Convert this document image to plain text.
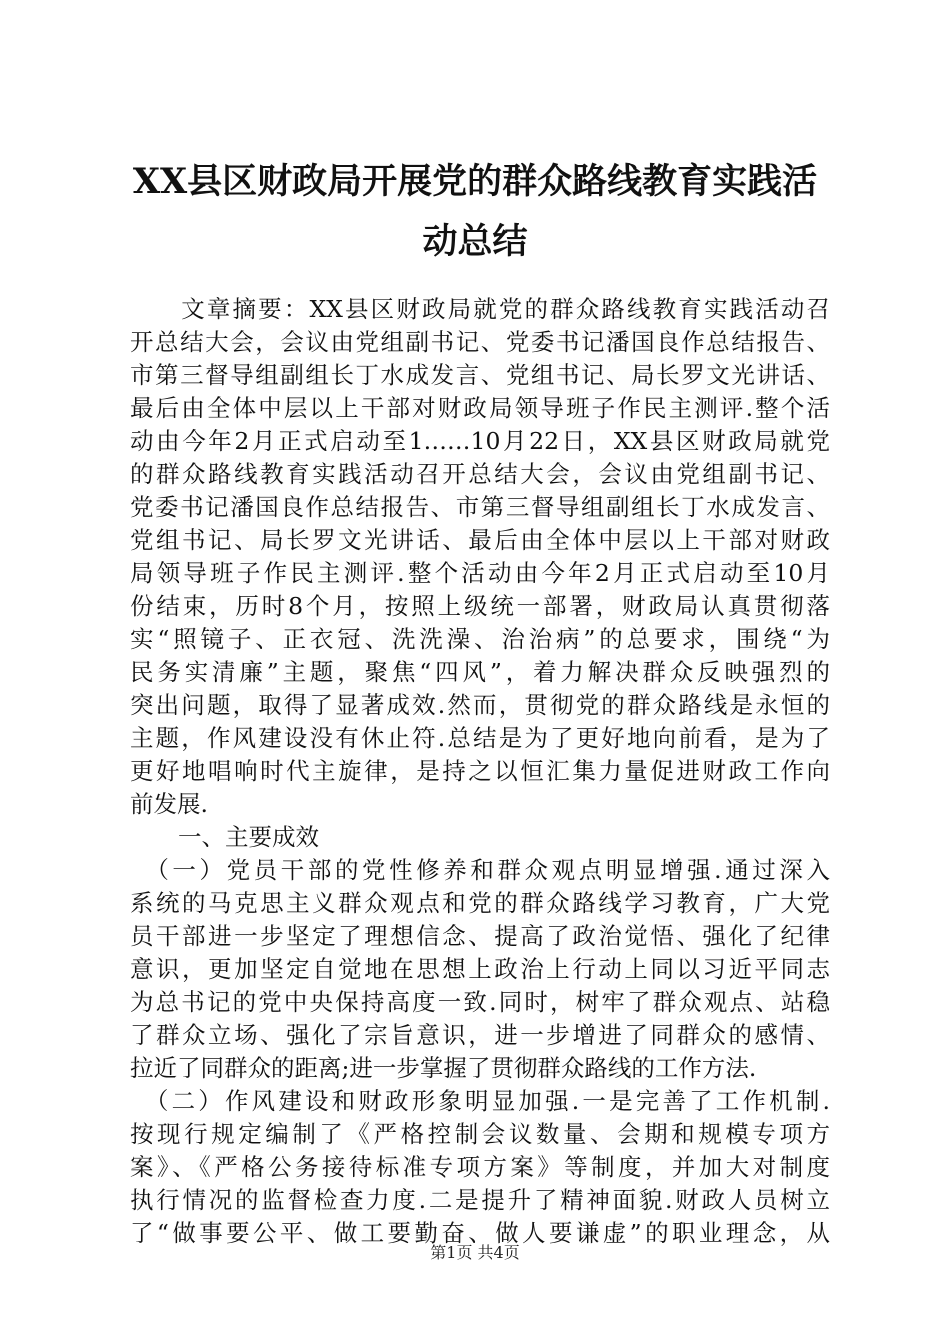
XX县区财政局开展党的群众路线教育实践活
动总结

　　文章摘要：XX县区财政局就党的群众路线教育实践活动召

开总结大会，会议由党组副书记、党委书记潘国良作总结报告、

市第三督导组副组长丁水成发言、党组书记、局长罗文光讲话、

最后由全体中层以上干部对财政局领导班子作民主测评.整个活

动由今年2月正式启动至1……10月22日，XX县区财政局就党

的群众路线教育实践活动召开总结大会，会议由党组副书记、

党委书记潘国良作总结报告、市第三督导组副组长丁水成发言、

党组书记、局长罗文光讲话、最后由全体中层以上干部对财政

局领导班子作民主测评.整个活动由今年2月正式启动至10月

份结束，历时8个月，按照上级统一部署，财政局认真贯彻落

实“照镜子、正衣冠、洗洗澡、治治病”的总要求，围绕“为

民务实清廉”主题，聚焦“四风”，着力解决群众反映强烈的

突出问题，取得了显著成效.然而，贯彻党的群众路线是永恒的

主题，作风建设没有休止符.总结是为了更好地向前看，是为了

更好地唱响时代主旋律，是持之以恒汇集力量促进财政工作向

前发展.

一、主要成效

　（一）党员干部的党性修养和群众观点明显增强.通过深入

系统的马克思主义群众观点和党的群众路线学习教育，广大党

员干部进一步坚定了理想信念、提高了政治觉悟、强化了纪律

意识，更加坚定自觉地在思想上政治上行动上同以习近平同志

为总书记的党中央保持高度一致.同时，树牢了群众观点、站稳

了群众立场、强化了宗旨意识，进一步增进了同群众的感情、

拉近了同群众的距离;进一步掌握了贯彻群众路线的工作方法.

　（二）作风建设和财政形象明显加强.一是完善了工作机制.

按现行规定编制了《严格控制会议数量、会期和规模专项方

案》、《严格公务接待标准专项方案》等制度，并加大对制度

执行情况的监督检查力度.二是提升了精神面貌.财政人员树立

了“做事要公平、做工要勤奋、做人要谦虚”的职业理念，从

第1页 共4页
